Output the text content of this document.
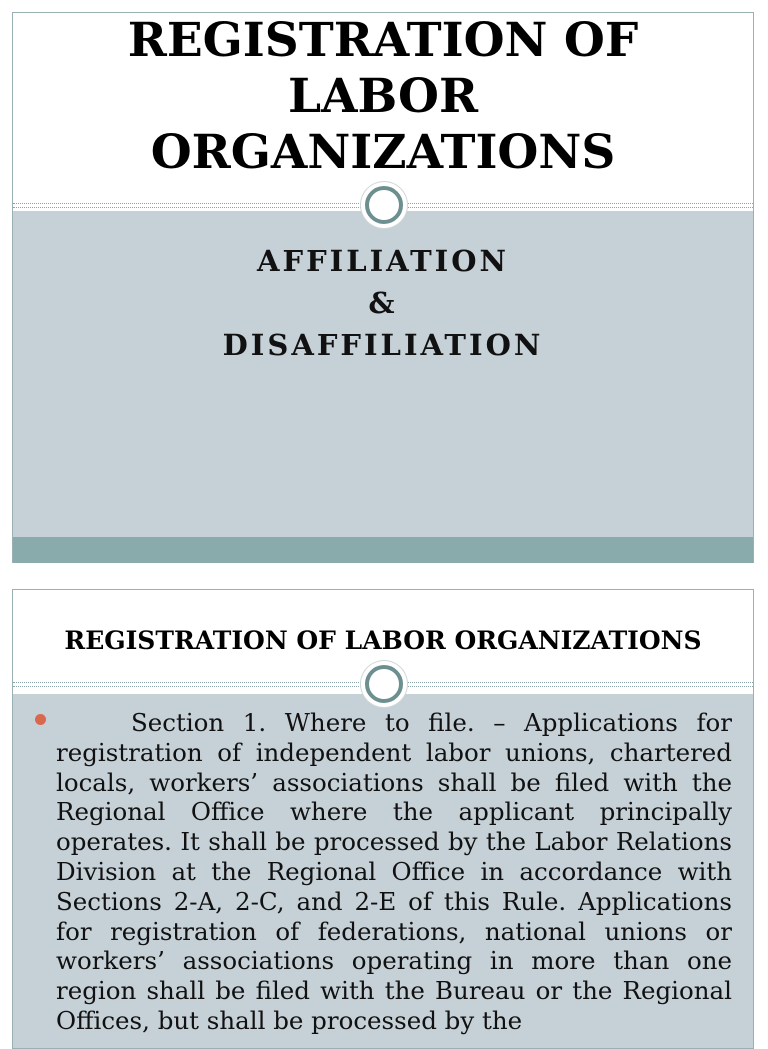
REGISTRATION OF
LABOR
ORGANIZATIONS
AFFILIATION
&
DISAFFILIATION
REGISTRATION OF LABOR ORGANIZATIONS
Section 1. Where to file. – Applications for registration of independent labor unions, chartered locals, workers’ associations shall be filed with the Regional Office where the applicant principally operates. It shall be processed by the Labor Relations Division at the Regional Office in accordance with Sections 2-A, 2-C, and 2-E of this Rule. Applications for registration of federations, national unions or workers’ associations operating in more than one region shall be filed with the Bureau or the Regional Offices, but shall be processed by the
